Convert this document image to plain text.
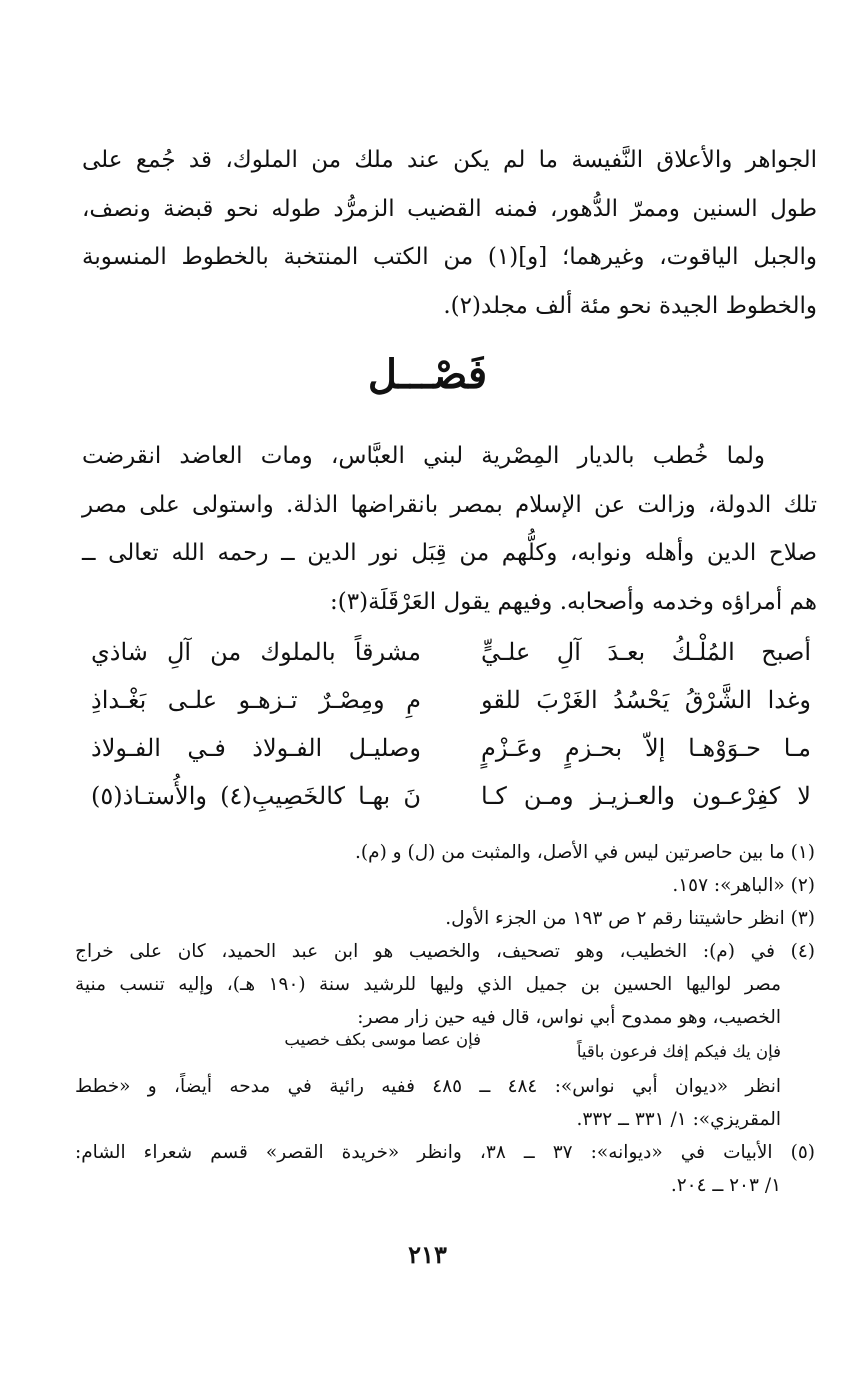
الجواهر والأعلاق النَّفيسة ما لم يكن عند ملك من الملوك، قد جُمع على
طول السنين وممرّ الدُّهور، فمنه القضيب الزمرُّد طوله نحو قبضة ونصف،
والجبل الياقوت، وغيرهما؛ [و](١) من الكتب المنتخبة بالخطوط المنسوبة
والخطوط الجيدة نحو مئة ألف مجلد(٢).
فَصْـــل
ولما خُطب بالديار المِصْرية لبني العبَّاس، ومات العاضد انقرضت
تلك الدولة، وزالت عن الإسلام بمصر بانقراضها الذلة. واستولى على مصر
صلاح الدين وأهله ونوابه، وكلُّهم من قِبَل نور الدين ــ رحمه الله تعالى ــ
هم أمراؤه وخدمه وأصحابه. وفيهم يقول العَرْقَلَة(٣):
أصبح المُلْـكُ بعـدَ آلِ علـيٍّ
مشرقاً بالملوك من آلِ شاذي
وغدا الشَّرْقُ يَحْسُدُ الغَرْبَ للقو
مِ ومِصْـرٌ تـزهـو علـى بَغْـداذِ
مـا حـوَوْهـا إلاّ بحـزمٍ وعَـزْمٍ
وصليـل الفـولاذ فـي الفـولاذ
لا كفِرْعـون والعـزيـز ومـن كـا
نَ بهـا كالخَصِيبِ(٤) والأُستـاذ(٥)
(١) ما بين حاصرتين ليس في الأصل، والمثبت من (ل) و (م).
(٢) «الباهر»: ١٥٧.
(٣) انظر حاشيتنا رقم ٢ ص ١٩٣ من الجزء الأول.
(٤) في (م): الخطيب، وهو تصحيف، والخصيب هو ابن عبد الحميد، كان على خراج
مصر لواليها الحسين بن جميل الذي وليها للرشيد سنة (١٩٠ هـ)، وإليه تنسب منية
الخصيب، وهو ممدوح أبي نواس، قال فيه حين زار مصر:
فإن يك فيكم إفك فرعون باقياً
فإن عصا موسى بكف خصيب
انظر «ديوان أبي نواس»: ٤٨٤ ــ ٤٨٥ ففيه رائية في مدحه أيضاً، و «خطط
المقريزي»: ١/ ٣٣١ ــ ٣٣٢.
(٥) الأبيات في «ديوانه»: ٣٧ ــ ٣٨، وانظر «خريدة القصر» قسم شعراء الشام:
١/ ٢٠٣ ــ ٢٠٤.
٢١٣
